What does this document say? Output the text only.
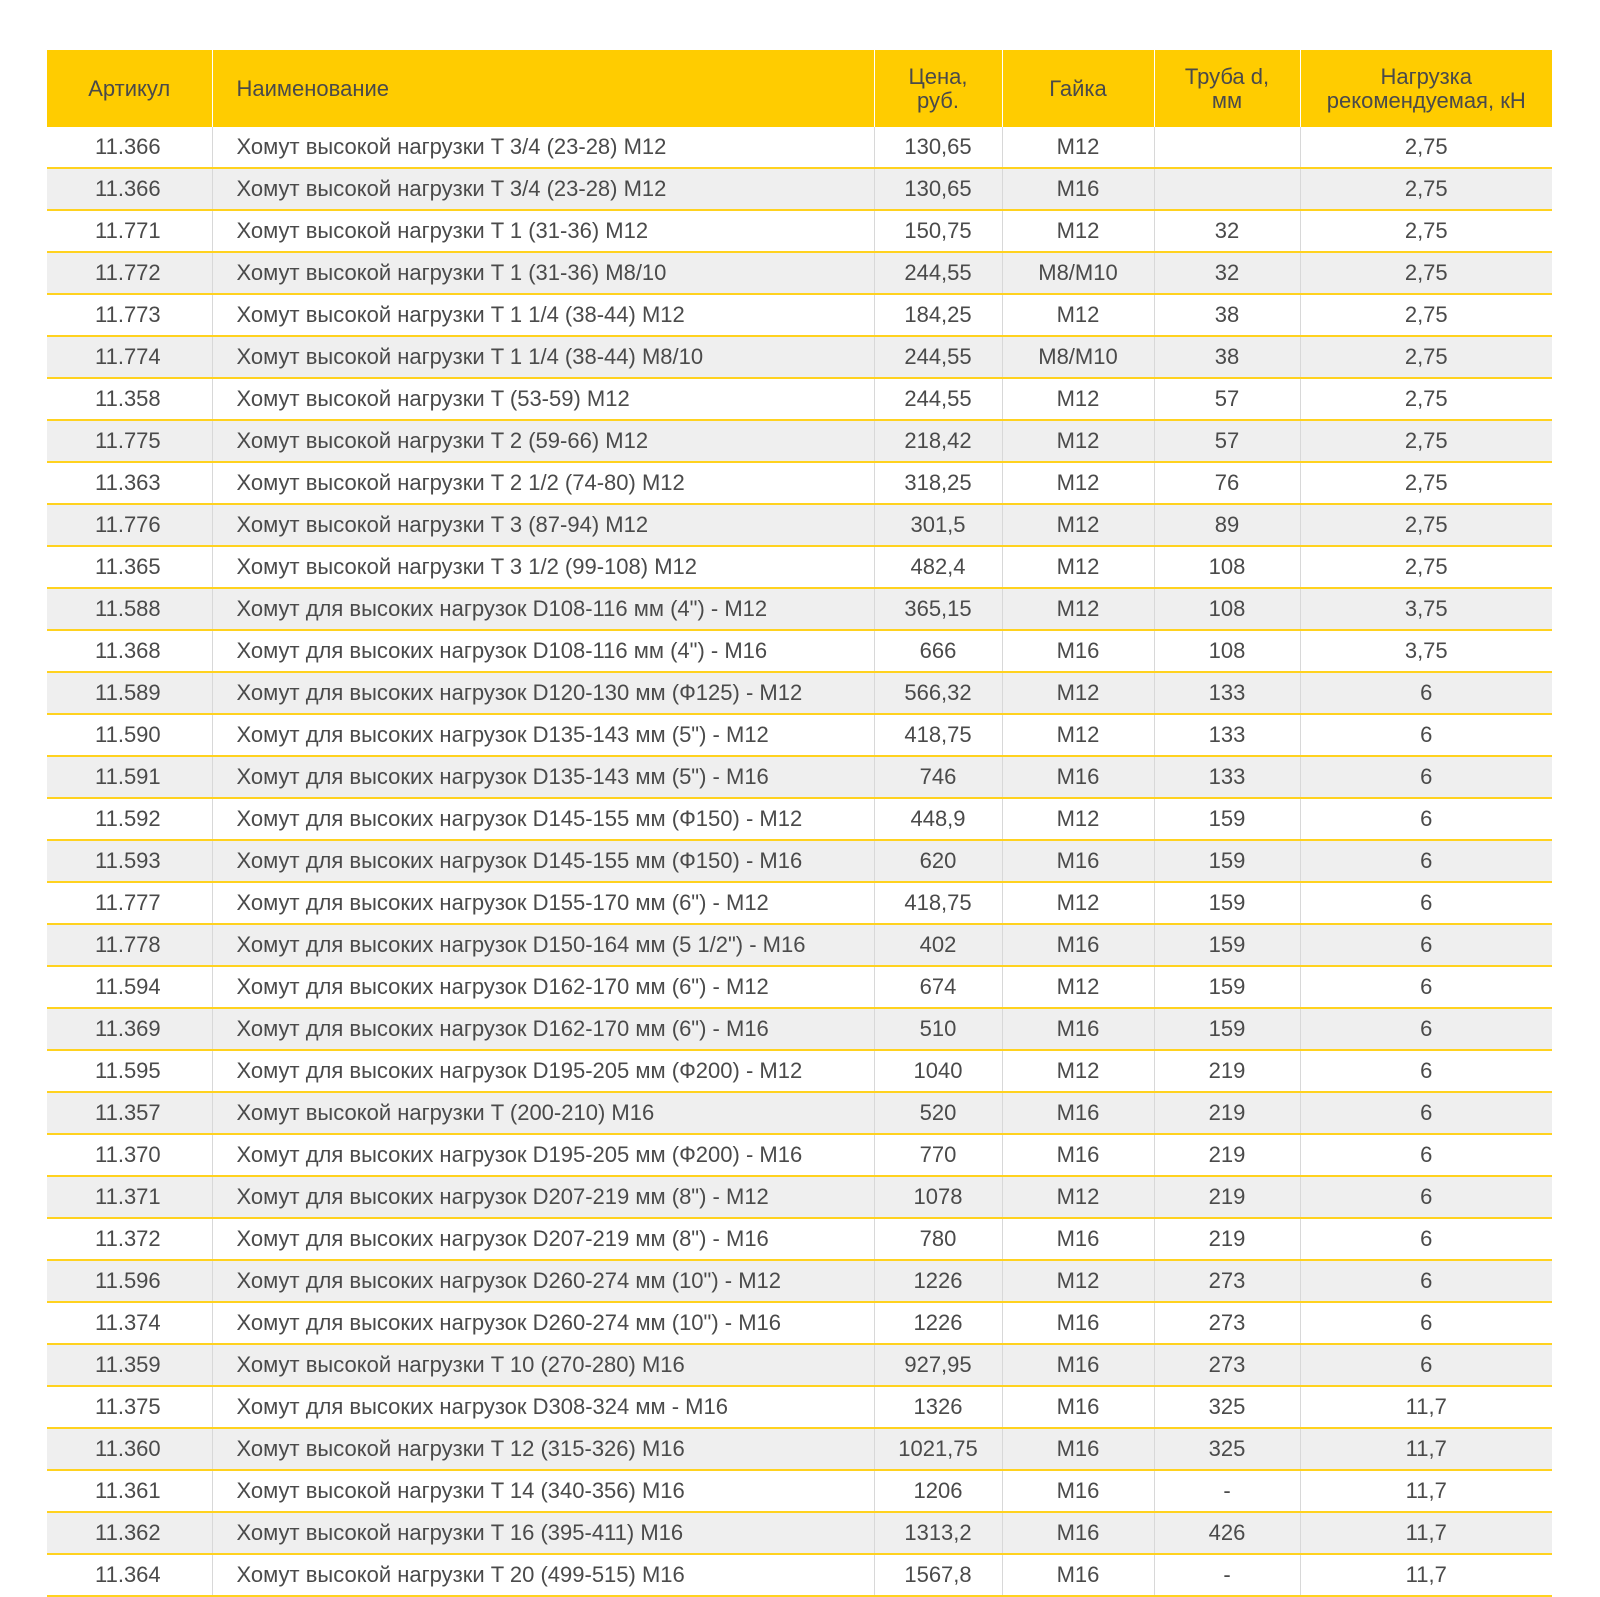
Артикул	Наименование	Цена, руб.	Гайка	Труба d, мм	Нагрузка рекомендуемая, кН
11.366	Хомут высокой нагрузки T 3/4 (23-28) M12	130,65	M12		2,75
11.366	Хомут высокой нагрузки T 3/4 (23-28) M12	130,65	M16		2,75
11.771	Хомут высокой нагрузки T 1 (31-36) M12	150,75	M12	32	2,75
11.772	Хомут высокой нагрузки T 1 (31-36) M8/10	244,55	M8/M10	32	2,75
11.773	Хомут высокой нагрузки T 1 1/4 (38-44) M12	184,25	M12	38	2,75
11.774	Хомут высокой нагрузки T 1 1/4 (38-44) M8/10	244,55	M8/M10	38	2,75
11.358	Хомут высокой нагрузки T (53-59) M12	244,55	M12	57	2,75
11.775	Хомут высокой нагрузки T 2 (59-66) M12	218,42	M12	57	2,75
11.363	Хомут высокой нагрузки T 2 1/2 (74-80) M12	318,25	M12	76	2,75
11.776	Хомут высокой нагрузки T 3 (87-94) M12	301,5	M12	89	2,75
11.365	Хомут высокой нагрузки T 3 1/2 (99-108) M12	482,4	M12	108	2,75
11.588	Хомут для высоких нагрузок D108-116 мм (4") - M12	365,15	M12	108	3,75
11.368	Хомут для высоких нагрузок D108-116 мм (4") - M16	666	M16	108	3,75
11.589	Хомут для высоких нагрузок D120-130 мм (Ф125) - M12	566,32	M12	133	6
11.590	Хомут для высоких нагрузок D135-143 мм (5") - M12	418,75	M12	133	6
11.591	Хомут для высоких нагрузок D135-143 мм (5") - M16	746	M16	133	6
11.592	Хомут для высоких нагрузок D145-155 мм (Ф150) - M12	448,9	M12	159	6
11.593	Хомут для высоких нагрузок D145-155 мм (Ф150) - M16	620	M16	159	6
11.777	Хомут для высоких нагрузок D155-170 мм (6") - M12	418,75	M12	159	6
11.778	Хомут для высоких нагрузок D150-164 мм (5 1/2") - M16	402	M16	159	6
11.594	Хомут для высоких нагрузок D162-170 мм (6") - M12	674	M12	159	6
11.369	Хомут для высоких нагрузок D162-170 мм (6") - M16	510	M16	159	6
11.595	Хомут для высоких нагрузок D195-205 мм (Ф200) - M12	1040	M12	219	6
11.357	Хомут высокой нагрузки T (200-210) M16	520	M16	219	6
11.370	Хомут для высоких нагрузок D195-205 мм (Ф200) - M16	770	M16	219	6
11.371	Хомут для высоких нагрузок D207-219 мм (8") - M12	1078	M12	219	6
11.372	Хомут для высоких нагрузок D207-219 мм (8") - M16	780	M16	219	6
11.596	Хомут для высоких нагрузок D260-274 мм (10") - M12	1226	M12	273	6
11.374	Хомут для высоких нагрузок D260-274 мм (10") - M16	1226	M16	273	6
11.359	Хомут высокой нагрузки T 10 (270-280) M16	927,95	M16	273	6
11.375	Хомут для высоких нагрузок D308-324 мм - M16	1326	M16	325	11,7
11.360	Хомут высокой нагрузки T 12 (315-326) M16	1021,75	M16	325	11,7
11.361	Хомут высокой нагрузки T 14 (340-356) M16	1206	M16	-	11,7
11.362	Хомут высокой нагрузки T 16 (395-411) M16	1313,2	M16	426	11,7
11.364	Хомут высокой нагрузки T 20 (499-515) M16	1567,8	M16	-	11,7
